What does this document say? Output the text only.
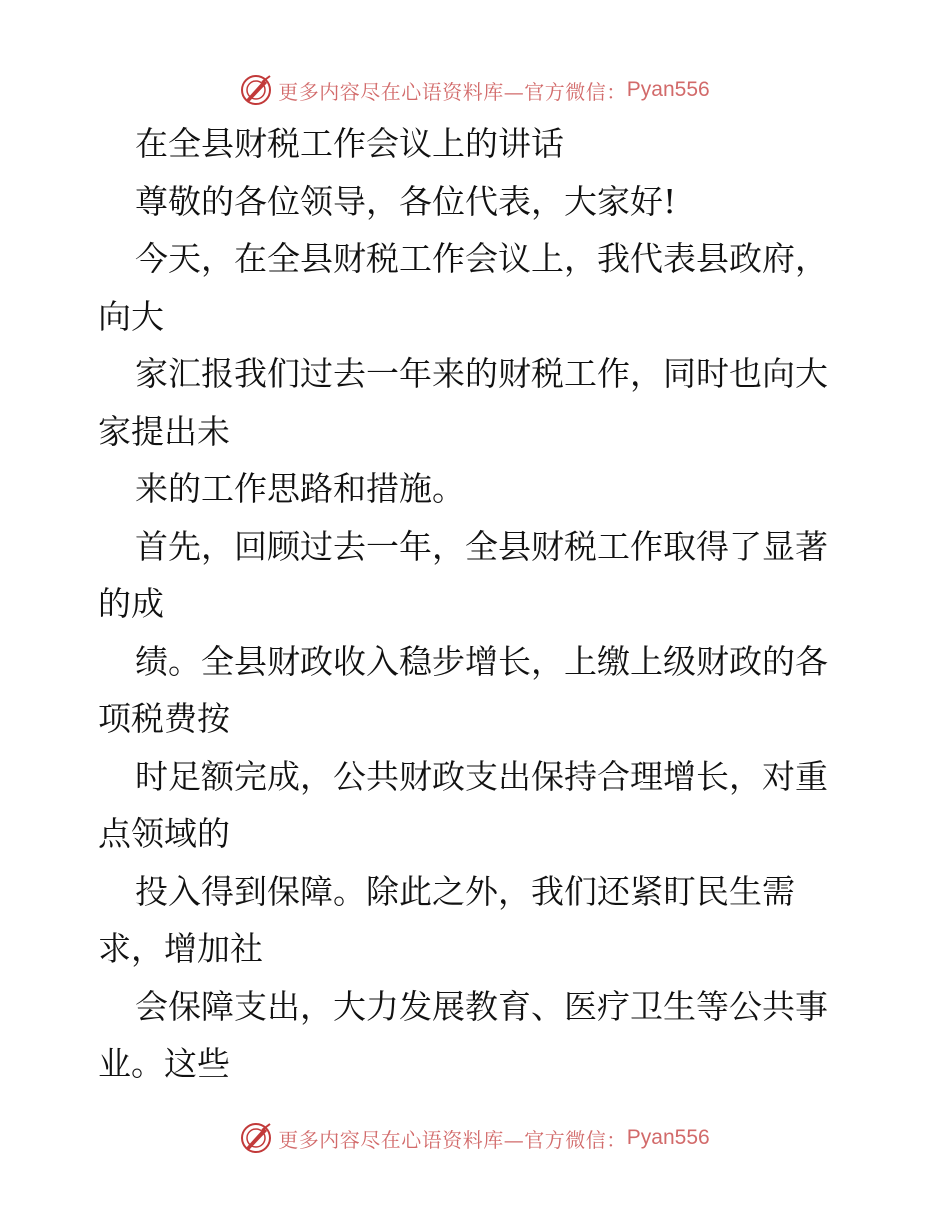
更多内容尽在心语资料库—官方微信： Pyan556
在全县财税工作会议上的讲话
尊敬的各位领导，各位代表，大家好!
今天，在全县财税工作会议上，我代表县政府，
向大
家汇报我们过去一年来的财税工作，同时也向大
家提出未
来的工作思路和措施。
首先，回顾过去一年，全县财税工作取得了显著
的成
绩。全县财政收入稳步增长，上缴上级财政的各
项税费按
时足额完成，公共财政支出保持合理增长，对重
点领域的
投入得到保障。除此之外，我们还紧盯民生需
求，增加社
会保障支出，大力发展教育、医疗卫生等公共事
业。这些
更多内容尽在心语资料库—官方微信： Pyan556
